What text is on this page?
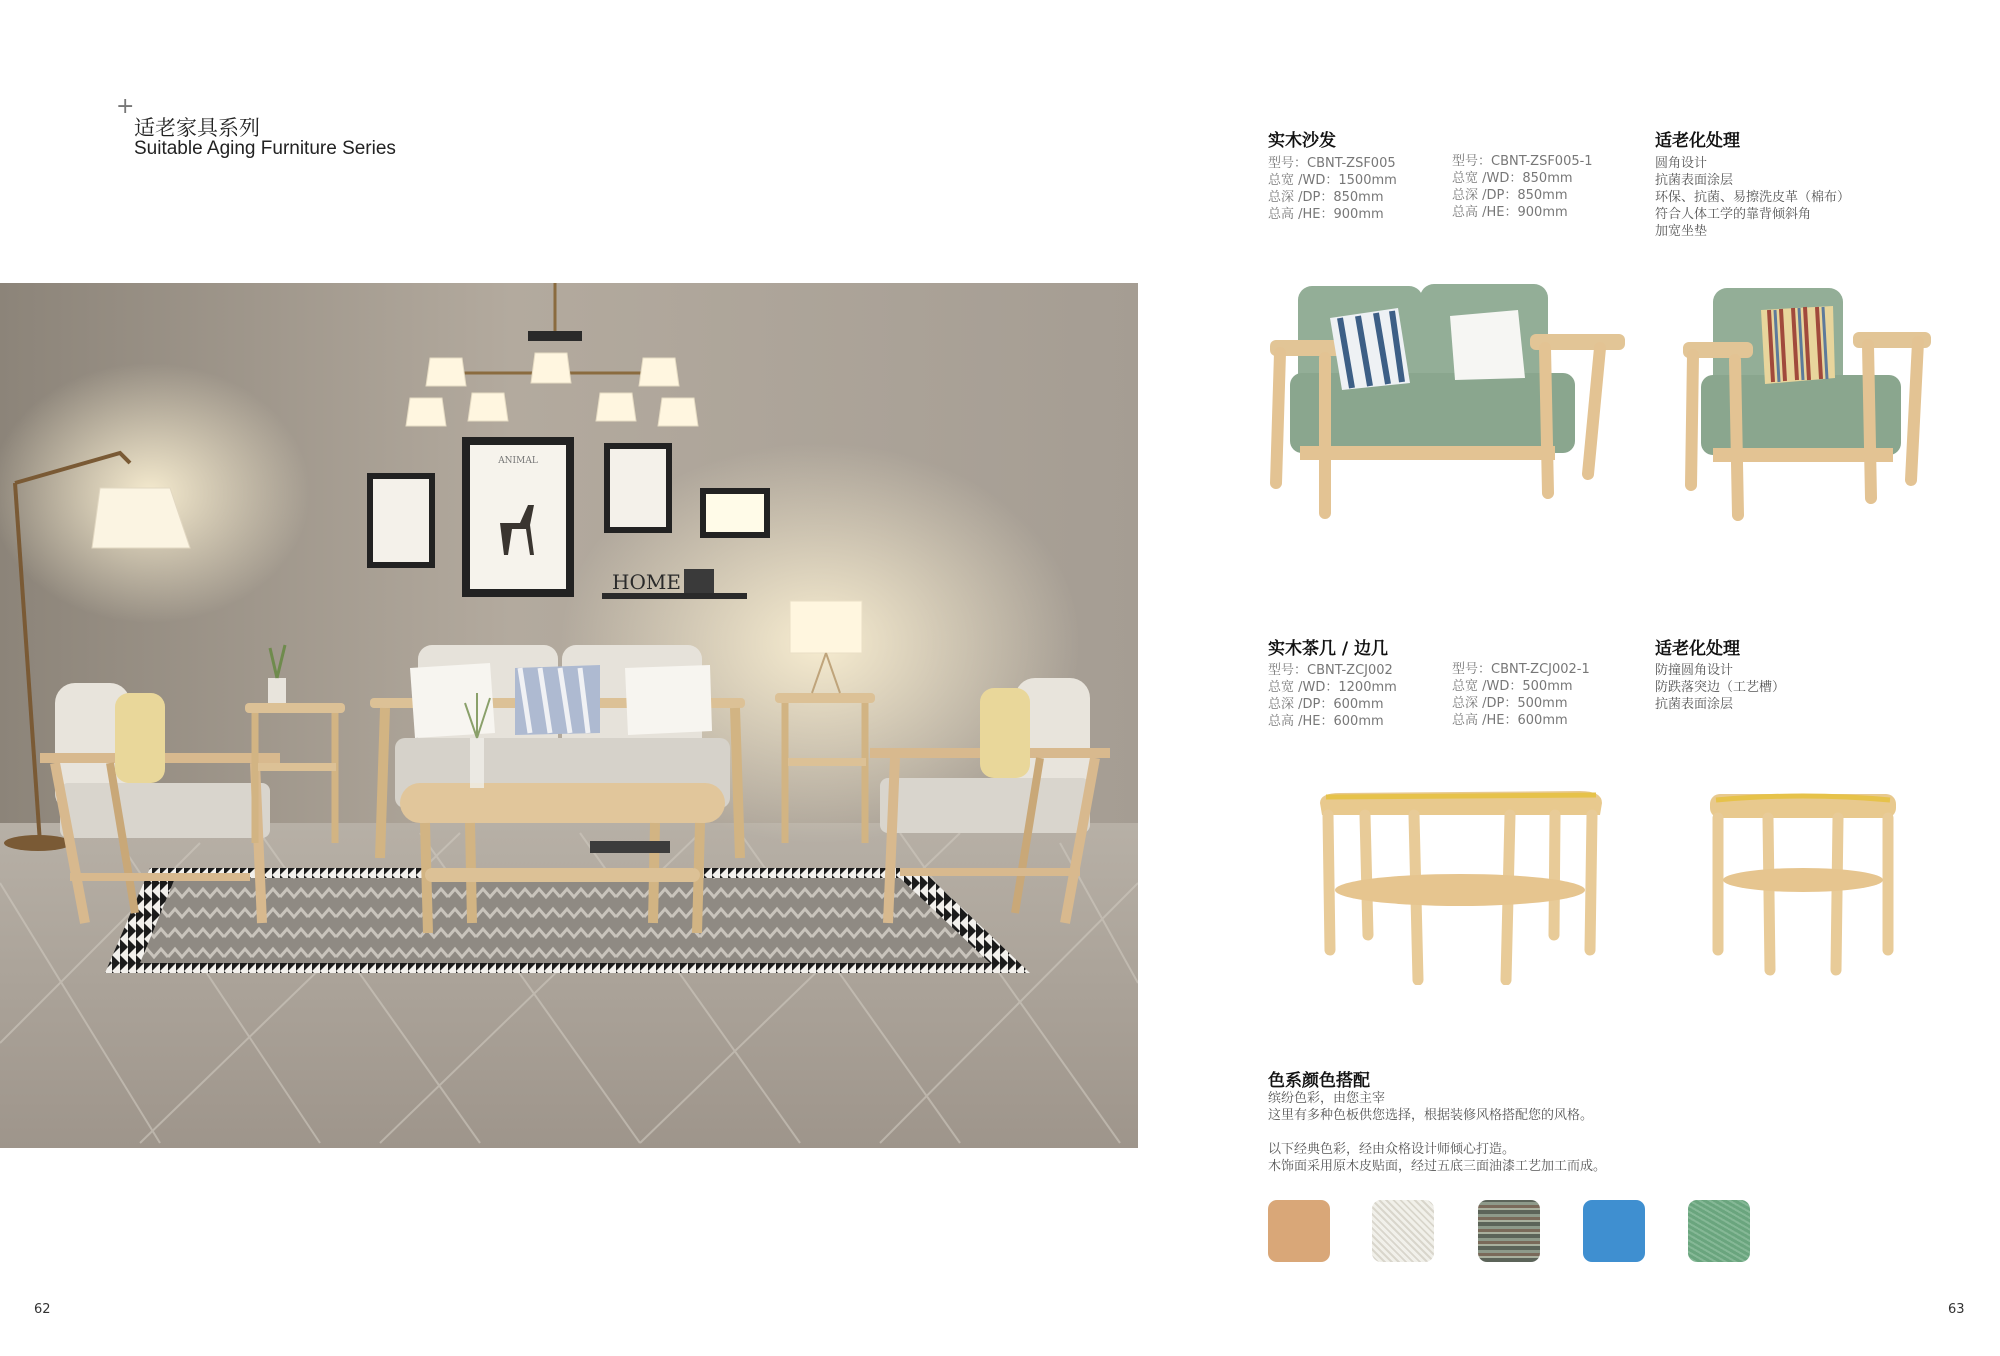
+
适老家具系列
Suitable Aging Furniture Series
ANIMAL
HOME
62
实木沙发
型号：CBNT-ZSF005
总宽 /WD：1500mm
总深 /DP：850mm
总高 /HE：900mm
型号：CBNT-ZSF005-1
总宽 /WD：850mm
总深 /DP：850mm
总高 /HE：900mm
适老化处理
圆角设计
抗菌表面涂层
环保、抗菌、易擦洗皮革（棉布）
符合人体工学的靠背倾斜角
加宽坐垫
实木茶几 / 边几
型号：CBNT-ZCJ002
总宽 /WD：1200mm
总深 /DP：600mm
总高 /HE：600mm
型号：CBNT-ZCJ002-1
总宽 /WD：500mm
总深 /DP：500mm
总高 /HE：600mm
适老化处理
防撞圆角设计
防跌落突边（工艺槽）
抗菌表面涂层
色系颜色搭配
缤纷色彩，由您主宰
这里有多种色板供您选择，根据装修风格搭配您的风格。
以下经典色彩，经由众格设计师倾心打造。
木饰面采用原木皮贴面，经过五底三面油漆工艺加工而成。
63
